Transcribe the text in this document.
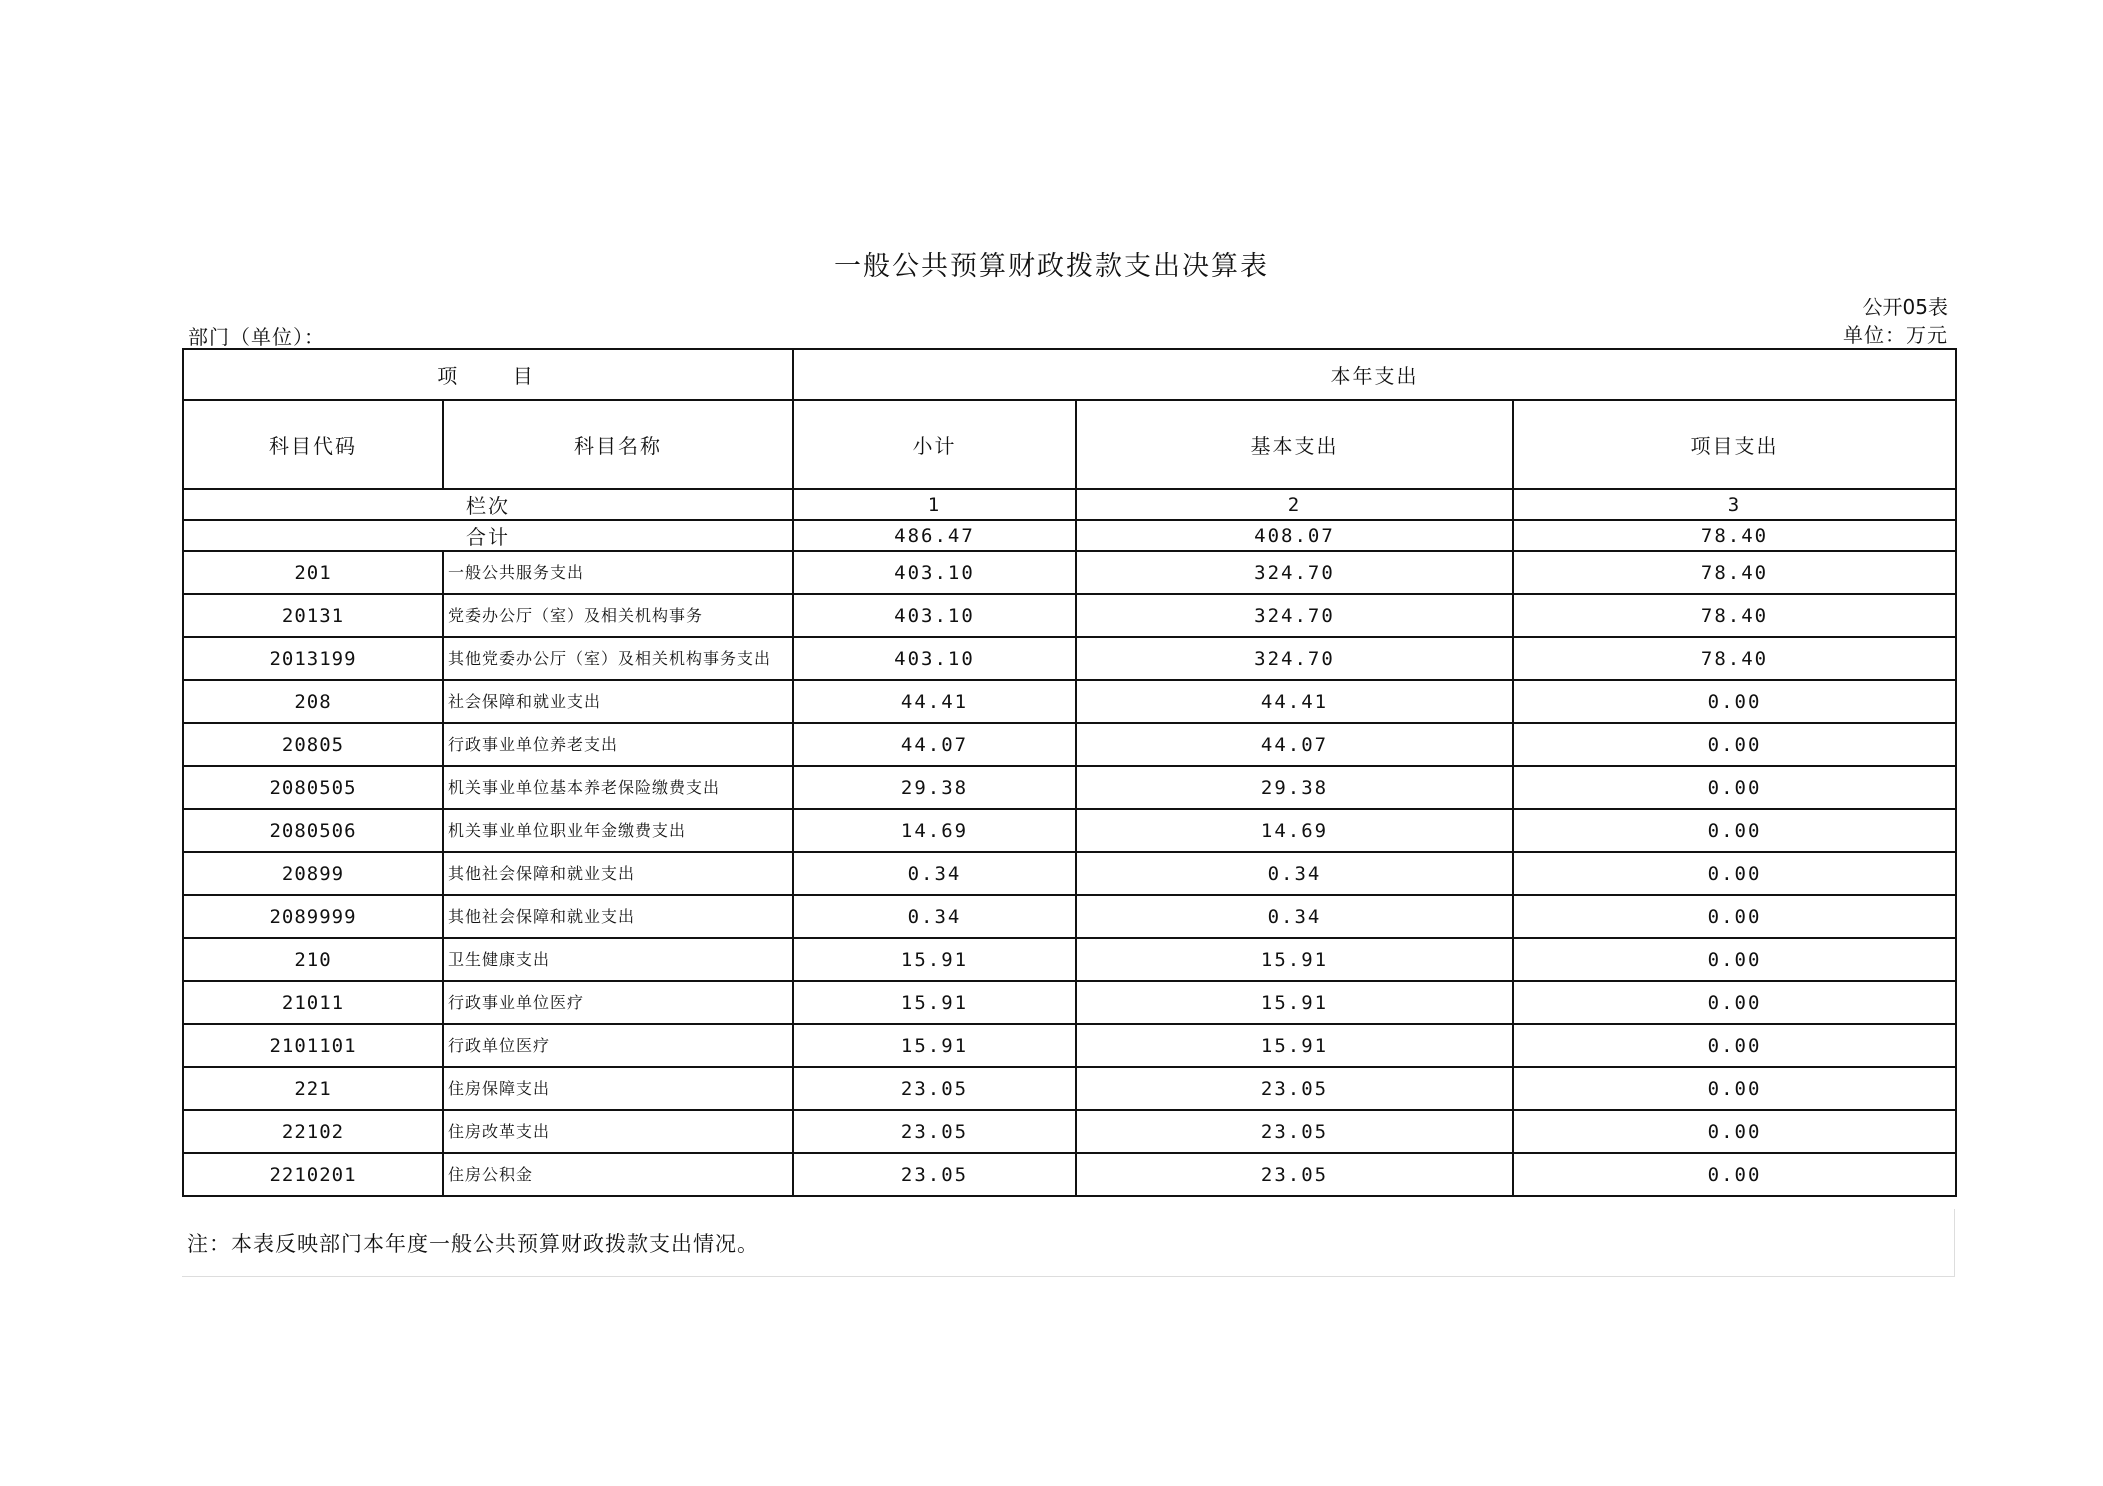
一般公共预算财政拨款支出决算表
公开05表
部门（单位）：	单位：万元
项    目		本年支出		
科目代码	科目名称	小计	基本支出	项目支出
栏次		1	2	3
合计		486.47	408.07	78.40
201	一般公共服务支出	403.10	324.70	78.40
20131	党委办公厅（室）及相关机构事务	403.10	324.70	78.40
2013199	其他党委办公厅（室）及相关机构事务支出	403.10	324.70	78.40
208	社会保障和就业支出	44.41	44.41	0.00
20805	行政事业单位养老支出	44.07	44.07	0.00
2080505	机关事业单位基本养老保险缴费支出	29.38	29.38	0.00
2080506	机关事业单位职业年金缴费支出	14.69	14.69	0.00
20899	其他社会保障和就业支出	0.34	0.34	0.00
2089999	其他社会保障和就业支出	0.34	0.34	0.00
210	卫生健康支出	15.91	15.91	0.00
21011	行政事业单位医疗	15.91	15.91	0.00
2101101	行政单位医疗	15.91	15.91	0.00
221	住房保障支出	23.05	23.05	0.00
22102	住房改革支出	23.05	23.05	0.00
2210201	住房公积金	23.05	23.05	0.00
注：本表反映部门本年度一般公共预算财政拨款支出情况。
